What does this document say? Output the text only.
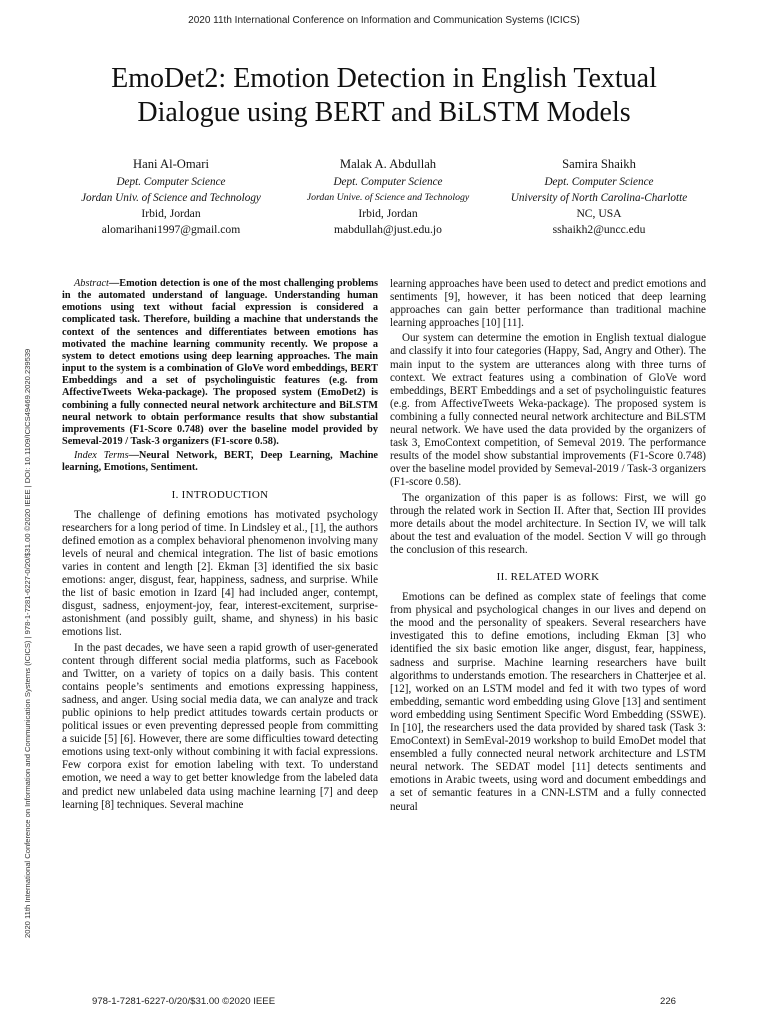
2020 11th International Conference on Information and Communication Systems (ICICS)
2020 11th International Conference on Information and Communication Systems (ICICS) | 978-1-7281-6227-0/20/$31.00 ©2020 IEEE | DOI: 10.1109/ICICS49469.2020.239539
EmoDet2: Emotion Detection in English Textual
Dialogue using BERT and BiLSTM Models
Hani Al-Omari
Dept. Computer Science
Jordan Univ. of Science and Technology
Irbid, Jordan
alomarihani1997@gmail.com
Malak A. Abdullah
Dept. Computer Science
Jordan Unive. of Science and Technology
Irbid, Jordan
mabdullah@just.edu.jo
Samira Shaikh
Dept. Computer Science
University of North Carolina-Charlotte
NC, USA
sshaikh2@uncc.edu

Abstract—Emotion detection is one of the most challenging problems in the automated understand of language. Understanding human emotions using text without facial expression is considered a complicated task. Therefore, building a machine that understands the context of the sentences and differentiates between emotions has motivated the machine learning community recently. We propose a system to detect emotions using deep learning approaches. The main input to the system is a combination of GloVe word embeddings, BERT Embeddings and a set of psycholinguistic features (e.g. from AffectiveTweets Weka-package). The proposed system (EmoDet2) is combining a fully connected neural network architecture and BiLSTM neural network to obtain performance results that show substantial improvements (F1-Score 0.748) over the baseline model provided by Semeval-2019 / Task-3 organizers (F1-score 0.58).

Index Terms—Neural Network, BERT, Deep Learning, Machine learning, Emotions, Sentiment.

I. INTRODUCTION

The challenge of defining emotions has motivated psychology researchers for a long period of time. In Lindsley et al., [1], the authors defined emotion as a complex behavioral phenomenon involving many levels of neural and chemical integration. The list of basic emotions varies in content and length [2]. Ekman [3] identified the six basic emotions: anger, disgust, fear, happiness, sadness, and surprise. While the list of basic emotion in Izard [4] had included anger, contempt, disgust, sadness, enjoyment-joy, fear, interest-excitement, surprise-astonishment (and possibly guilt, shame, and shyness) in his basic emotions list.

In the past decades, we have seen a rapid growth of user-generated content through different social media platforms, such as Facebook and Twitter, on a variety of topics on a daily basis. This content contains people’s sentiments and emotions expressing happiness, sadness, and anger. Using social media data, we can analyze and track public opinions to help predict attitudes towards certain products or political issues or even preventing depressed people from committing a suicide [5] [6]. However, there are some difficulties toward detecting emotions using text-only without combining it with facial expressions. Few corpora exist for emotion labeling with text. To understand emotion, we need a way to get better knowledge from the labeled data and predict new unlabeled data using machine learning [7] and deep learning [8] techniques. Several machine

learning approaches have been used to detect and predict emotions and sentiments [9], however, it has been noticed that deep learning approaches can gain better performance than traditional machine learning approaches [10] [11].

Our system can determine the emotion in English textual dialogue and classify it into four categories (Happy, Sad, Angry and Other). The main input to the system are utterances along with three turns of context. We extract features using a combination of GloVe word embeddings, BERT Embeddings and a set of psycholinguistic features (e.g. from AffectiveTweets Weka-package). The proposed system is combining a fully connected neural network architecture and BiLSTM neural network. We have used the data provided by the organizers of task 3, EmoContext competition, of Semeval 2019. The performance results of the model show substantial improvements (F1-Score 0.748) over the baseline model provided by Semeval-2019 / Task-3 organizers (F1-score 0.58).

The organization of this paper is as follows: First, we will go through the related work in Section II. After that, Section III provides more details about the model architecture. In Section IV, we will talk about the test and evaluation of the model. Section V will go through the conclusion of this research.

II. RELATED WORK

Emotions can be defined as complex state of feelings that come from physical and psychological changes in our lives and depend on the mood and the personality of speakers. Several researchers have investigated this to define emotions, including Ekman [3] who identified the six basic emotion like anger, disgust, fear, happiness, sadness and surprise. Machine learning researchers have built algorithms to understands emotion. The researchers in Chatterjee et al. [12], worked on an LSTM model and fed it with two types of word embedding, semantic word embedding using Glove [13] and sentiment word embedding using Sentiment Specific Word Embedding (SSWE). In [10], the researchers used the data provided by shared task (Task 3: EmoContext) in SemEval-2019 workshop to build EmoDet model that ensembled a fully connected neural network architecture and LSTM neural network. The SEDAT model [11] detects sentiments and emotions in Arabic tweets, using word and document embeddings and a set of semantic features in a CNN-LSTM and a fully connected neural

978-1-7281-6227-0/20/$31.00 ©2020 IEEE	226
